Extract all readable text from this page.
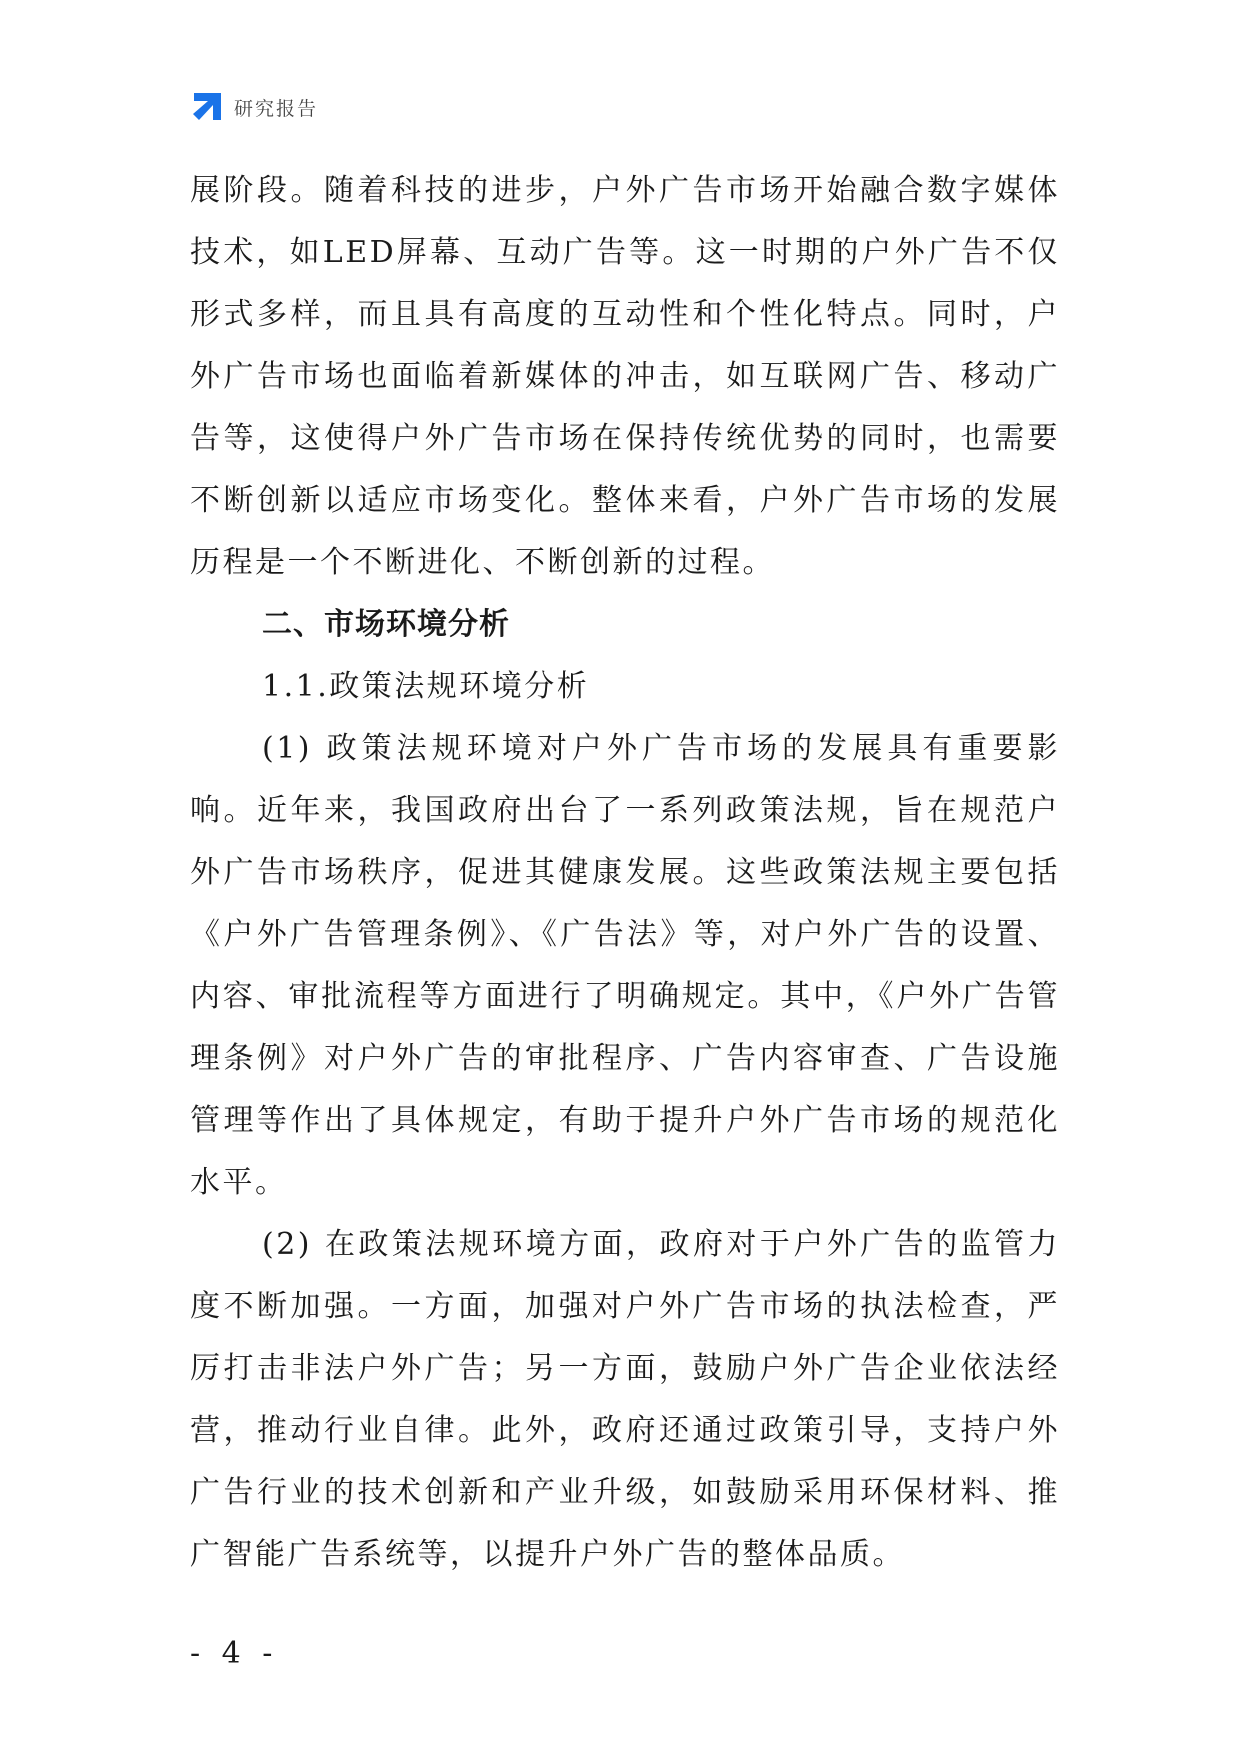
研究报告

展阶段。随着科技的进步，户外广告市场开始融合数字媒体技术，如LED屏幕、互动广告等。这一时期的户外广告不仅形式多样，而且具有高度的互动性和个性化特点。同时，户外广告市场也面临着新媒体的冲击，如互联网广告、移动广告等，这使得户外广告市场在保持传统优势的同时，也需要不断创新以适应市场变化。整体来看，户外广告市场的发展历程是一个不断进化、不断创新的过程。

二、市场环境分析

1.1.政策法规环境分析

(1) 政策法规环境对户外广告市场的发展具有重要影响。近年来，我国政府出台了一系列政策法规，旨在规范户外广告市场秩序，促进其健康发展。这些政策法规主要包括《户外广告管理条例》、《广告法》等，对户外广告的设置、内容、审批流程等方面进行了明确规定。其中，《户外广告管理条例》对户外广告的审批程序、广告内容审查、广告设施管理等作出了具体规定，有助于提升户外广告市场的规范化水平。

(2) 在政策法规环境方面，政府对于户外广告的监管力度不断加强。一方面，加强对户外广告市场的执法检查，严厉打击非法户外广告；另一方面，鼓励户外广告企业依法经营，推动行业自律。此外，政府还通过政策引导，支持户外广告行业的技术创新和产业升级，如鼓励采用环保材料、推广智能广告系统等，以提升户外广告的整体品质。

- 4 -
